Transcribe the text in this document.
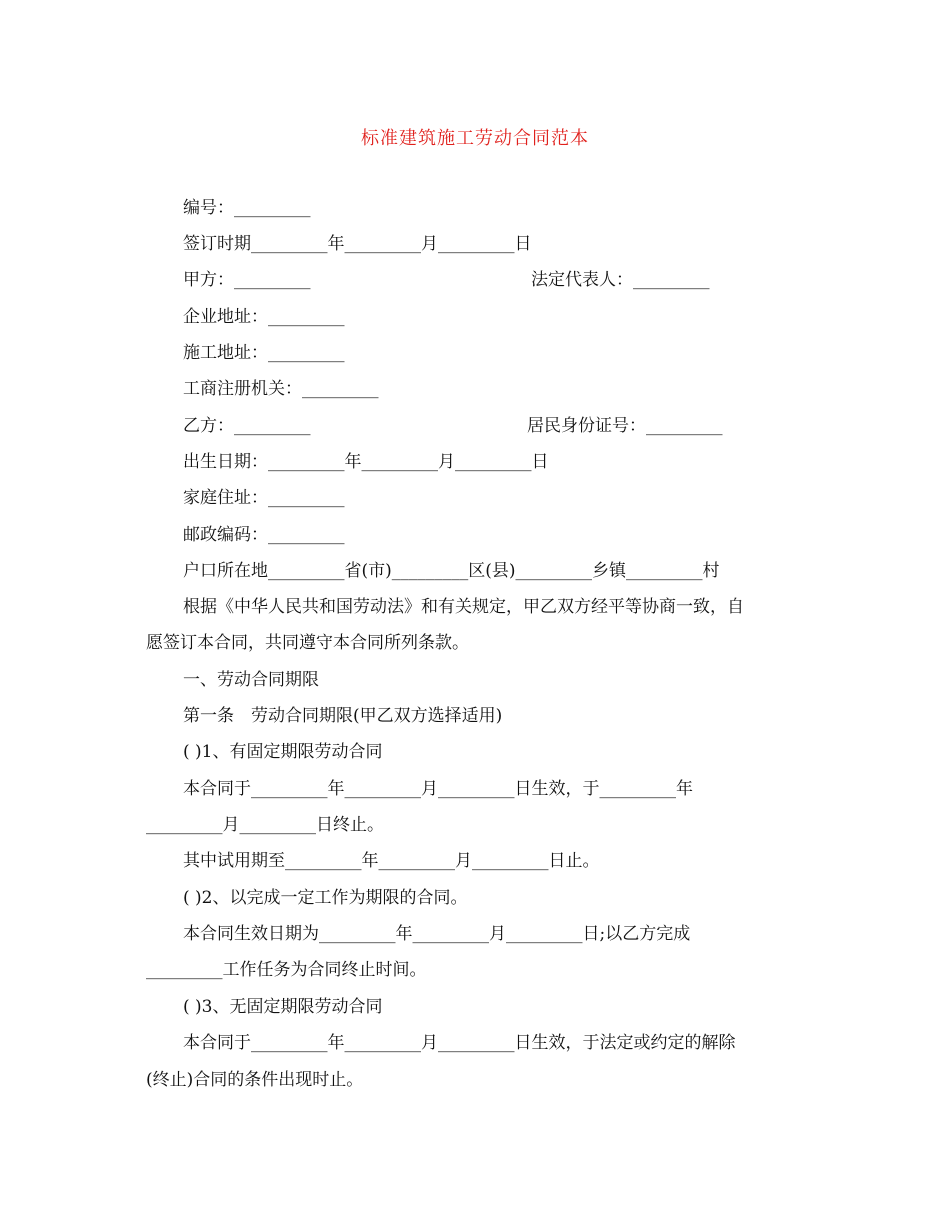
标准建筑施工劳动合同范本
编号：_________
签订时期_________年_________月_________日
甲方：_________	法定代表人：_________
企业地址：_________
施工地址：_________
工商注册机关：_________
乙方：_________	居民身份证号：_________
出生日期：_________年_________月_________日
家庭住址：_________
邮政编码：_________
户口所在地_________省(市)_________区(县)_________乡镇_________村
根据《中华人民共和国劳动法》和有关规定，甲乙双方经平等协商一致，自
愿签订本合同，共同遵守本合同所列条款。
一、劳动合同期限
第一条　劳动合同期限(甲乙双方选择适用)
( )1、有固定期限劳动合同
本合同于_________年_________月_________日生效，于_________年
_________月_________日终止。
其中试用期至_________年_________月_________日止。
( )2、以完成一定工作为期限的合同。
本合同生效日期为_________年_________月_________日;以乙方完成
_________工作任务为合同终止时间。
( )3、无固定期限劳动合同
本合同于_________年_________月_________日生效，于法定或约定的解除
(终止)合同的条件出现时止。
